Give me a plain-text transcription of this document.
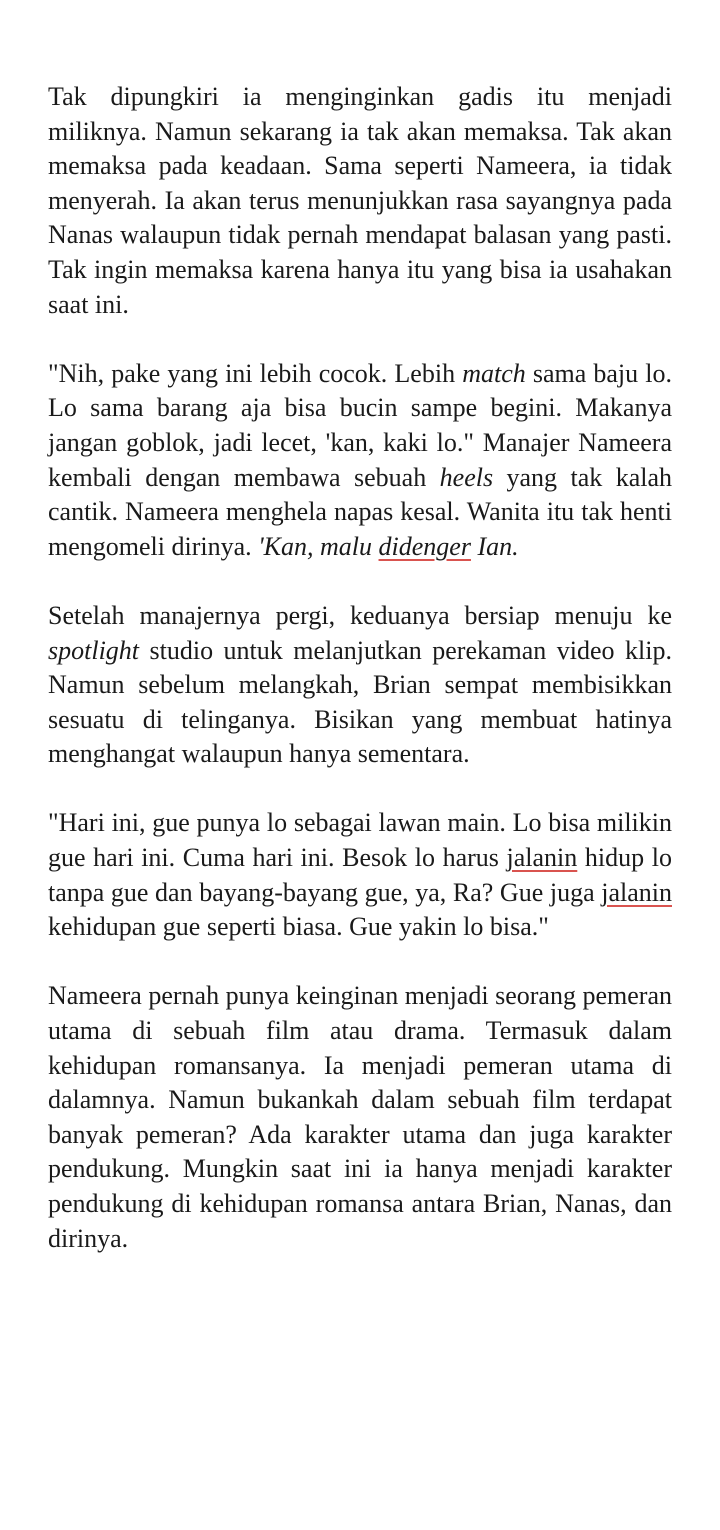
Tak dipungkiri ia menginginkan gadis itu menjadi miliknya. Namun sekarang ia tak akan memaksa. Tak akan memaksa pada keadaan. Sama seperti Nameera, ia tidak menyerah. Ia akan terus menunjukkan rasa sayangnya pada Nanas walaupun tidak pernah mendapat balasan yang pasti. Tak ingin memaksa karena hanya itu yang bisa ia usahakan saat ini.

"Nih, pake yang ini lebih cocok. Lebih match sama baju lo. Lo sama barang aja bisa bucin sampe begini. Makanya jangan goblok, jadi lecet, 'kan, kaki lo." Manajer Nameera kembali dengan membawa sebuah heels yang tak kalah cantik. Nameera menghela napas kesal. Wanita itu tak henti mengomeli dirinya. 'Kan, malu didenger Ian.

Setelah manajernya pergi, keduanya bersiap menuju ke spotlight studio untuk melanjutkan perekaman video klip. Namun sebelum melangkah, Brian sempat membisikkan sesuatu di telinganya. Bisikan yang membuat hatinya menghangat walaupun hanya sementara.

"Hari ini, gue punya lo sebagai lawan main. Lo bisa milikin gue hari ini. Cuma hari ini. Besok lo harus jalanin hidup lo tanpa gue dan bayang-bayang gue, ya, Ra? Gue juga jalanin kehidupan gue seperti biasa. Gue yakin lo bisa."

Nameera pernah punya keinginan menjadi seorang pemeran utama di sebuah film atau drama. Termasuk dalam kehidupan romansanya. Ia menjadi pemeran utama di dalamnya. Namun bukankah dalam sebuah film terdapat banyak pemeran? Ada karakter utama dan juga karakter pendukung. Mungkin saat ini ia hanya menjadi karakter pendukung di kehidupan romansa antara Brian, Nanas, dan dirinya.
